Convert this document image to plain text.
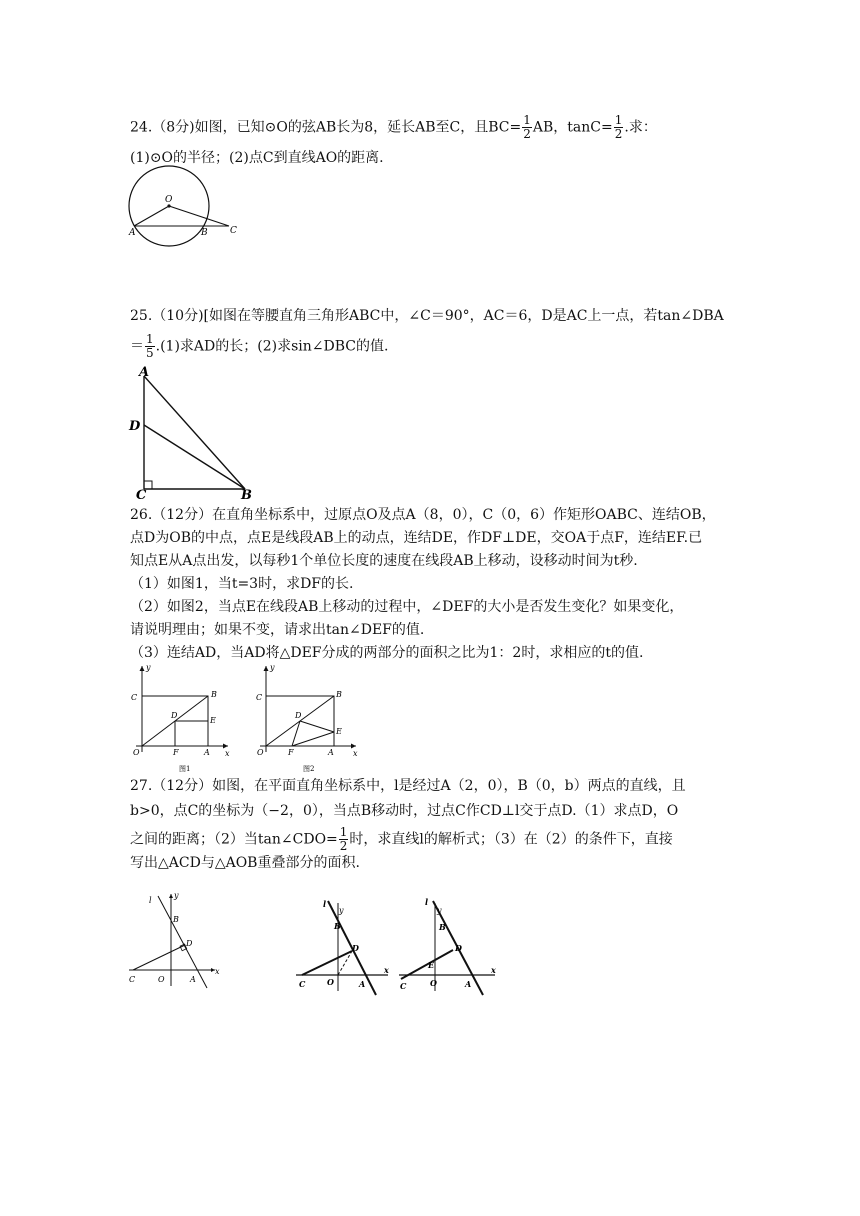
24.（8分)如图，已知⊙O的弦AB长为8，延长AB至C，且$BC= \frac{1}{2}$ AB，$\tan C= \frac{1}{2}$ .求：
(1)⊙O的半径；(2)点C到直线AO的距离.
O
A	B C
25.（10分)[如图在等腰直角三角形ABC中，∠C＝90°，AC＝6，D是AC上一点，若tan∠DBA
＝ $\frac{1}{5} .(1)$求AD的长；(2)求sin∠DBC的值.
A
D
C	B
26.（12分）在直角坐标系中，过原点O及点A（8，0），C（0，6）作矩形OABC、连结OB，
点D为OB的中点，点E是线段AB上的动点，连结DE，作DF⊥DE，交OA于点F，连结EF.已
知点E从A点出发，以每秒1个单位长度的速度在线段AB上移动，设移动时间为t秒.
（1）如图1，当t=3时，求DF的长.
（2）如图2，当点E在线段AB上移动的过程中，∠DEF的大小是否发生变化？如果变化，
请说明理由；如果不变，请求出tan∠DEF的值.
（3）连结AD，当AD将△DEF分成的两部分的面积之比为1：2时，求相应的t的值.
y
x
C	B
D
E
O	F	A
图1
y
x
C	B
D
E
O	F	A
图2
27.（12分）如图，在平面直角坐标系中，l是经过A（2，0），B（0，b）两点的直线，且
b>0，点C的坐标为（−2，0），当点B移动时，过点C作CD⊥l交于点D.（1）求点D，O
之间的距离；（2）当tan∠CDO= $\frac{1}{2}$ 时，求直线l的解析式；（3）在（2）的条件下，直接
写出△ACD与△AOB重叠部分的面积.
l
y
B
D
C	O	A
x
l
y
B
D
C	O	A
x
l
y
B
D
E
C	O	A
x
